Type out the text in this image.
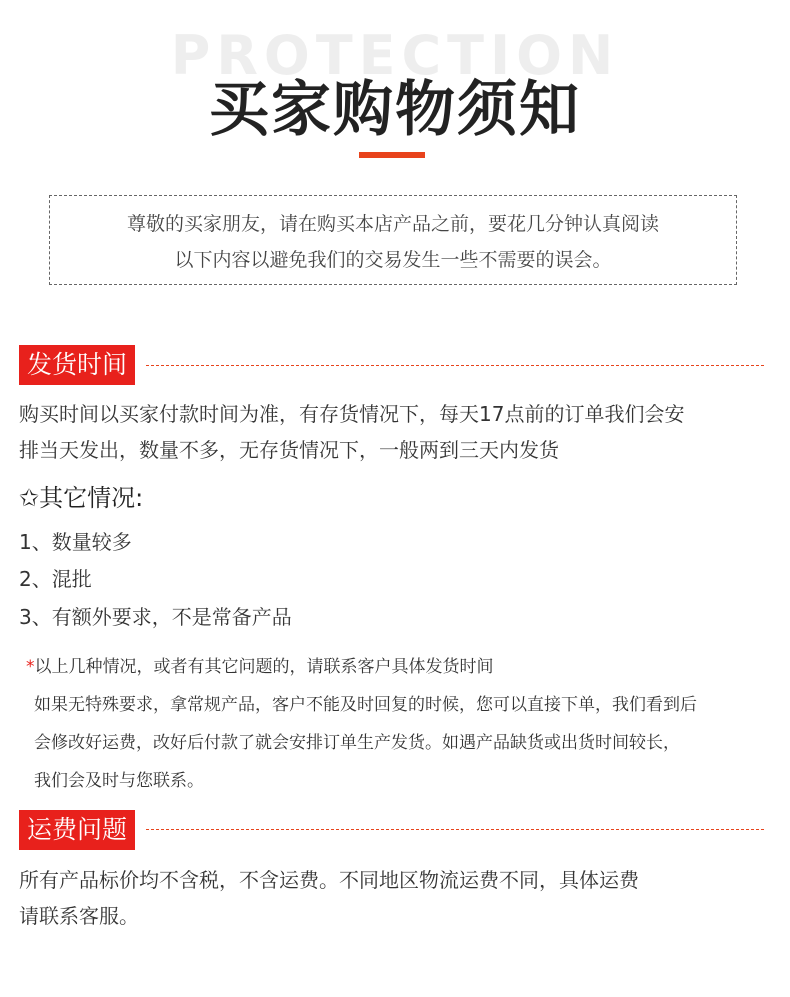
PROTECTION
买家购物须知
尊敬的买家朋友，请在购买本店产品之前，要花几分钟认真阅读
以下内容以避免我们的交易发生一些不需要的误会。
发货时间
购买时间以买家付款时间为准，有存货情况下，每天17点前的订单我们会安
排当天发出，数量不多，无存货情况下，一般两到三天内发货
✩其它情况:
1、数量较多
2、混批
3、有额外要求，不是常备产品
*以上几种情况，或者有其它问题的，请联系客户具体发货时间
如果无特殊要求，拿常规产品，客户不能及时回复的时候，您可以直接下单，我们看到后
会修改好运费，改好后付款了就会安排订单生产发货。如遇产品缺货或出货时间较长，
我们会及时与您联系。
运费问题
所有产品标价均不含税，不含运费。不同地区物流运费不同，具体运费
请联系客服。
